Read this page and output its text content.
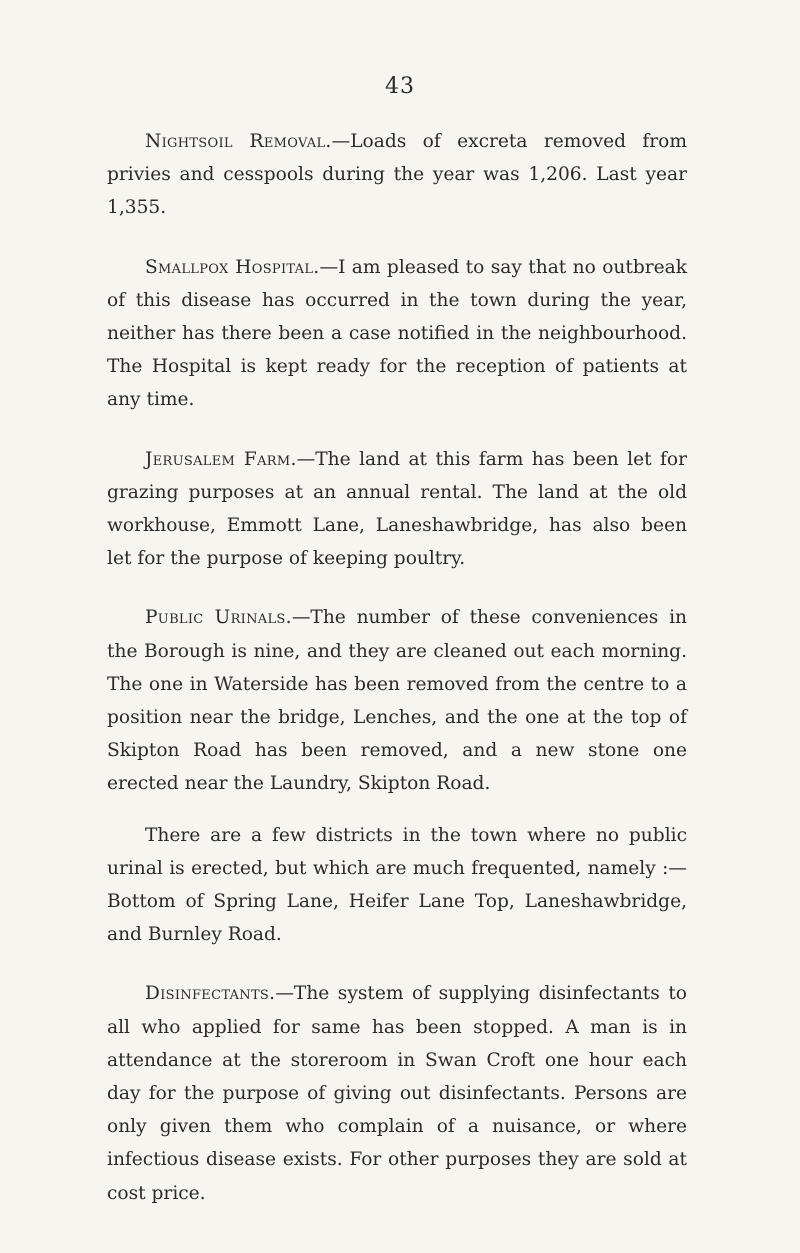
43

Nightsoil Removal.—Loads of excreta removed from privies and cesspools during the year was 1,206. Last year 1,355.

Smallpox Hospital.—I am pleased to say that no outbreak of this disease has occurred in the town during the year, neither has there been a case notified in the neighbourhood. The Hospital is kept ready for the reception of patients at any time.

Jerusalem Farm.—The land at this farm has been let for grazing purposes at an annual rental. The land at the old workhouse, Emmott Lane, Laneshawbridge, has also been let for the purpose of keeping poultry.

Public Urinals.—The number of these conveniences in the Borough is nine, and they are cleaned out each morning. The one in Waterside has been removed from the centre to a position near the bridge, Lenches, and the one at the top of Skipton Road has been removed, and a new stone one erected near the Laundry, Skipton Road.

There are a few districts in the town where no public urinal is erected, but which are much frequented, namely :—Bottom of Spring Lane, Heifer Lane Top, Laneshawbridge, and Burnley Road.

Disinfectants.—The system of supplying disinfectants to all who applied for same has been stopped. A man is in attendance at the storeroom in Swan Croft one hour each day for the purpose of giving out disinfectants. Persons are only given them who complain of a nuisance, or where infectious disease exists. For other purposes they are sold at cost price.
